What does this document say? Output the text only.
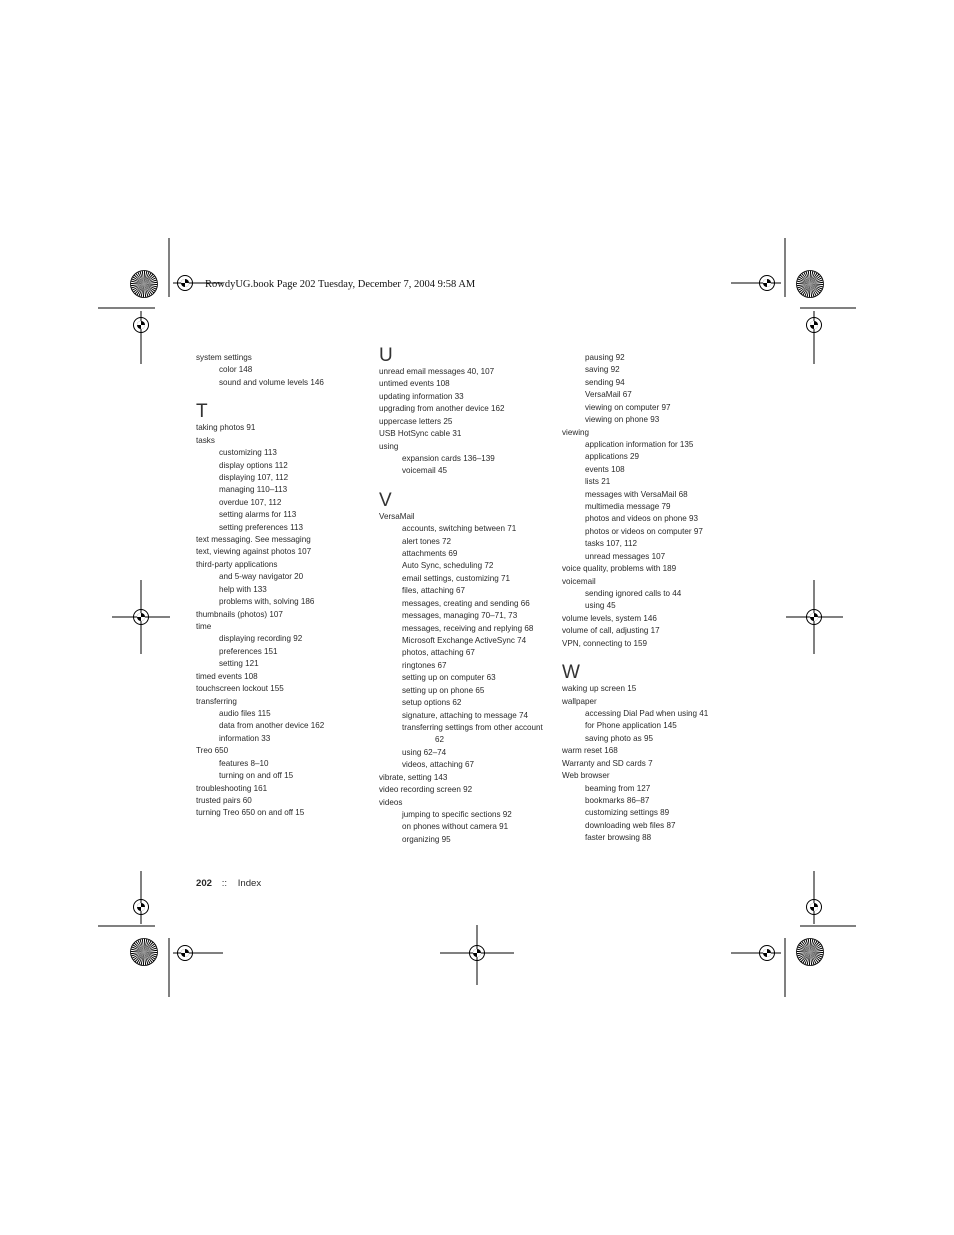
RowdyUG.book Page 202 Tuesday, December 7, 2004 9:58 AM
system settings
color 148
sound and volume levels 146
T
taking photos 91
tasks
customizing 113
display options 112
displaying 107, 112
managing 110–113
overdue 107, 112
setting alarms for 113
setting preferences 113
text messaging. See messaging
text, viewing against photos 107
third-party applications
and 5-way navigator 20
help with 133
problems with, solving 186
thumbnails (photos) 107
time
displaying recording 92
preferences 151
setting 121
timed events 108
touchscreen lockout 155
transferring
audio files 115
data from another device 162
information 33
Treo 650
features 8–10
turning on and off 15
troubleshooting 161
trusted pairs 60
turning Treo 650 on and off 15
U
unread email messages 40, 107
untimed events 108
updating information 33
upgrading from another device 162
uppercase letters 25
USB HotSync cable 31
using
expansion cards 136–139
voicemail 45
V
VersaMail
accounts, switching between 71
alert tones 72
attachments 69
Auto Sync, scheduling 72
email settings, customizing 71
files, attaching 67
messages, creating and sending 66
messages, managing 70–71, 73
messages, receiving and replying 68
Microsoft Exchange ActiveSync 74
photos, attaching 67
ringtones 67
setting up on computer 63
setting up on phone 65
setup options 62
signature, attaching to message 74
transferring settings from other account
62
using 62–74
videos, attaching 67
vibrate, setting 143
video recording screen 92
videos
jumping to specific sections 92
on phones without camera 91
organizing 95
pausing 92
saving 92
sending 94
VersaMail 67
viewing on computer 97
viewing on phone 93
viewing
application information for 135
applications 29
events 108
lists 21
messages with VersaMail 68
multimedia message 79
photos and videos on phone 93
photos or videos on computer 97
tasks 107, 112
unread messages 107
voice quality, problems with 189
voicemail
sending ignored calls to 44
using 45
volume levels, system 146
volume of call, adjusting 17
VPN, connecting to 159
W
waking up screen 15
wallpaper
accessing Dial Pad when using 41
for Phone application 145
saving photo as 95
warm reset 168
Warranty and SD cards 7
Web browser
beaming from 127
bookmarks 86–87
customizing settings 89
downloading web files 87
faster browsing 88
202 :: Index
